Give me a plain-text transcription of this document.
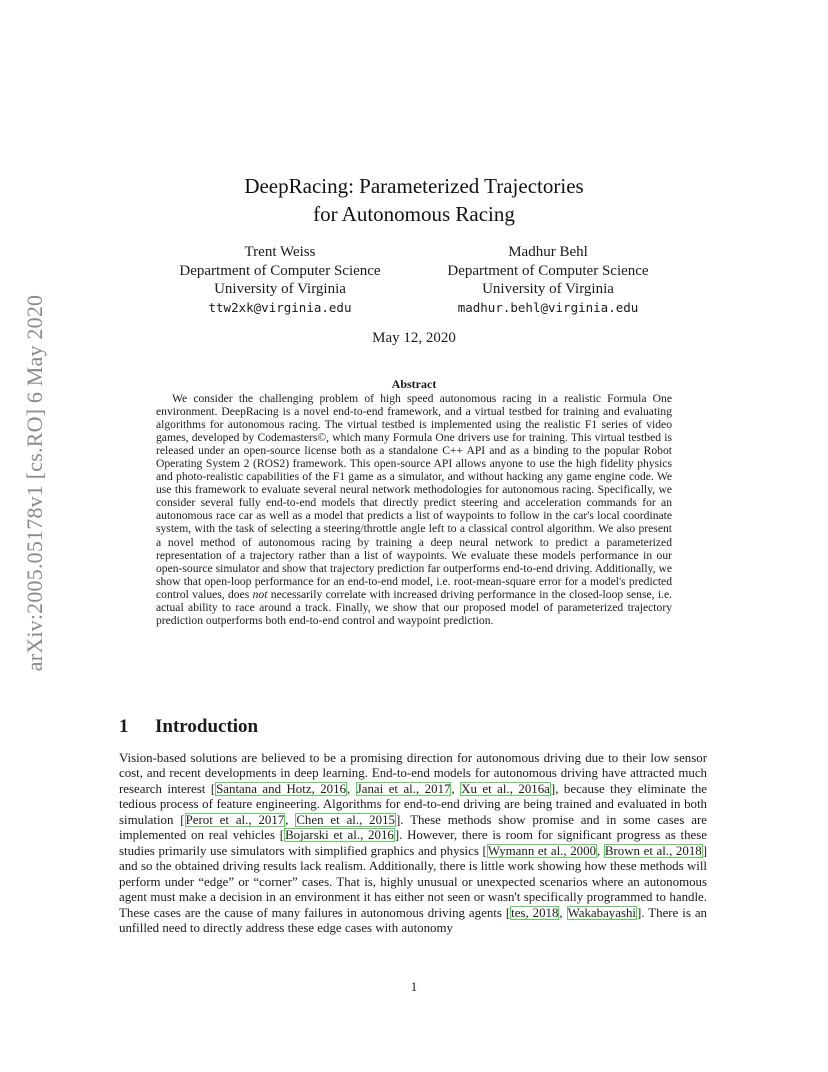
arXiv:2005.05178v1 [cs.RO] 6 May 2020
DeepRacing: Parameterized Trajectories
for Autonomous Racing
Trent Weiss
Department of Computer Science
University of Virginia
ttw2xk@virginia.edu
Madhur Behl
Department of Computer Science
University of Virginia
madhur.behl@virginia.edu
May 12, 2020
Abstract
We consider the challenging problem of high speed autonomous racing in a realistic Formula One environment. DeepRacing is a novel end-to-end framework, and a virtual testbed for training and evaluating algorithms for autonomous racing. The virtual testbed is implemented using the realistic F1 series of video games, developed by Codemasters©, which many Formula One drivers use for training. This virtual testbed is released under an open-source license both as a standalone C++ API and as a binding to the popular Robot Operating System 2 (ROS2) framework. This open-source API allows anyone to use the high fidelity physics and photo-realistic capabilities of the F1 game as a simulator, and without hacking any game engine code. We use this framework to evaluate several neural network methodologies for autonomous racing. Specifically, we consider several fully end-to-end models that directly predict steering and acceleration commands for an autonomous race car as well as a model that predicts a list of waypoints to follow in the car's local coordinate system, with the task of selecting a steering/throttle angle left to a classical control algorithm. We also present a novel method of autonomous racing by training a deep neural network to predict a parameterized representation of a trajectory rather than a list of waypoints. We evaluate these models performance in our open-source simulator and show that trajectory prediction far outperforms end-to-end driving. Additionally, we show that open-loop performance for an end-to-end model, i.e. root-mean-square error for a model's predicted control values, does not necessarily correlate with increased driving performance in the closed-loop sense, i.e. actual ability to race around a track. Finally, we show that our proposed model of parameterized trajectory prediction outperforms both end-to-end control and waypoint prediction.
1 Introduction
Vision-based solutions are believed to be a promising direction for autonomous driving due to their low sensor cost, and recent developments in deep learning. End-to-end models for autonomous driving have attracted much research interest [Santana and Hotz, 2016, Janai et al., 2017, Xu et al., 2016a], because they eliminate the tedious process of feature engineering. Algorithms for end-to-end driving are being trained and evaluated in both simulation [Perot et al., 2017, Chen et al., 2015]. These methods show promise and in some cases are implemented on real vehicles [Bojarski et al., 2016]. However, there is room for significant progress as these studies primarily use simulators with simplified graphics and physics [Wymann et al., 2000, Brown et al., 2018] and so the obtained driving results lack realism. Additionally, there is little work showing how these methods will perform under “edge” or “corner” cases. That is, highly unusual or unexpected scenarios where an autonomous agent must make a decision in an environment it has either not seen or wasn't specifically programmed to handle. These cases are the cause of many failures in autonomous driving agents [tes, 2018, Wakabayashi]. There is an unfilled need to directly address these edge cases with autonomy
1
